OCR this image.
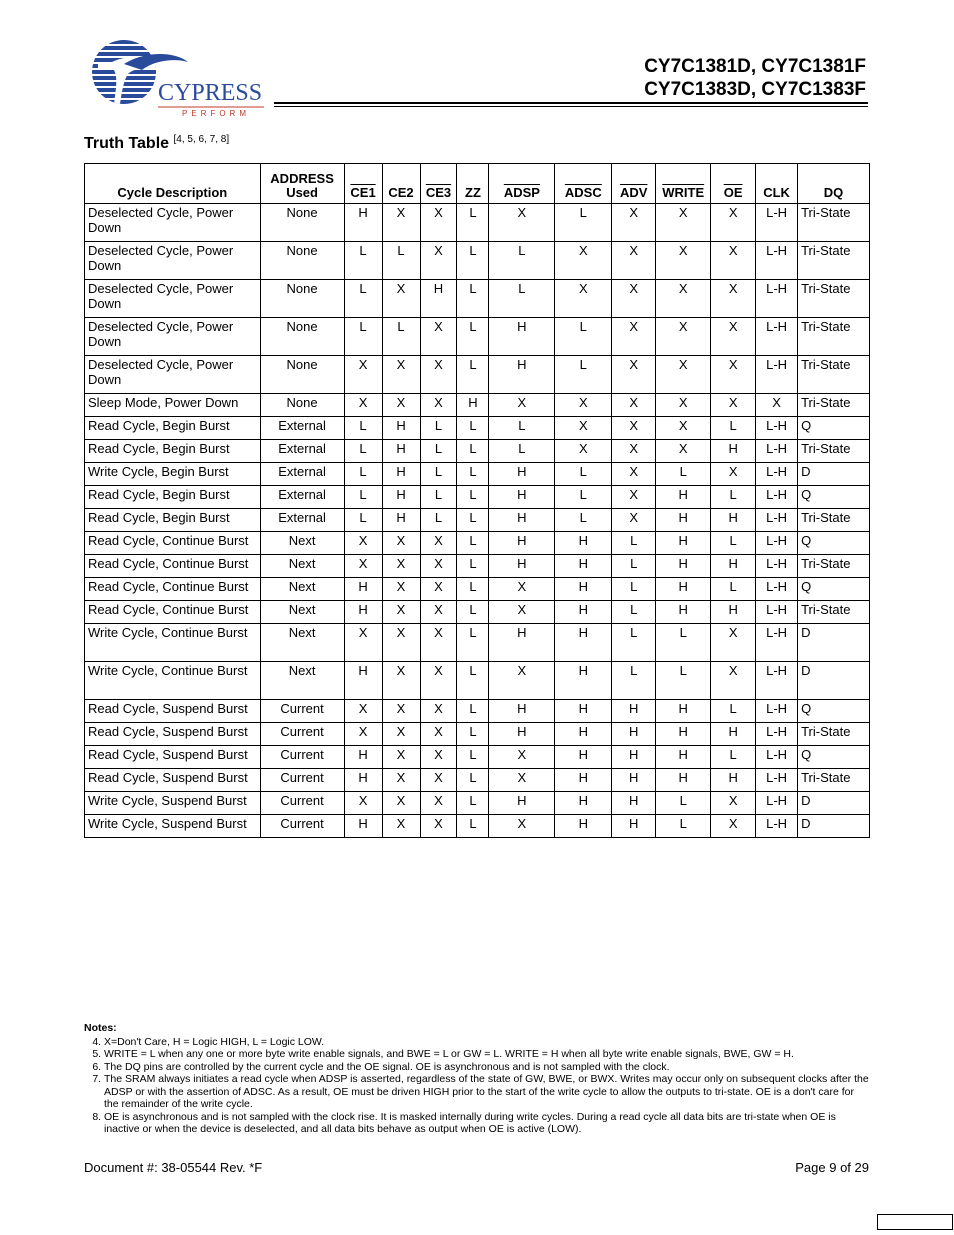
CYPRESS
PERFORM
CY7C1381D, CY7C1381F
CY7C1383D, CY7C1383F
Truth Table [4, 5, 6, 7, 8]
Cycle Description	ADDRESS Used	CE1	CE2	CE3	ZZ	ADSP	ADSC	$\overline{ADV}$	WRITE	$\overline{OE}$	CLK	DQ
Deselected Cycle, Power Down	None	H	X	X	L	X	L	X	X	X	L-H	Tri-State
Deselected Cycle, Power Down	None	L	L	X	L	L	X	X	X	X	L-H	Tri-State
Deselected Cycle, Power Down	None	L	X	H	L	L	X	X	X	X	L-H	Tri-State
Deselected Cycle, Power Down	None	L	L	X	L	H	L	X	X	X	L-H	Tri-State
Deselected Cycle, Power Down	None	X	X	X	L	H	L	X	X	X	L-H	Tri-State
Sleep Mode, Power Down	None	X	X	X	H	X	X	X	X	X	X	Tri-State
Read Cycle, Begin Burst	External	L	H	L	L	L	X	X	X	L	L-H	Q
Read Cycle, Begin Burst	External	L	H	L	L	L	X	X	X	H	L-H	Tri-State
Write Cycle, Begin Burst	External	L	H	L	L	H	L	X	L	X	L-H	D
Read Cycle, Begin Burst	External	L	H	L	L	H	L	X	H	L	L-H	Q
Read Cycle, Begin Burst	External	L	H	L	L	H	L	X	H	H	L-H	Tri-State
Read Cycle, Continue Burst	Next	X	X	X	L	H	H	L	H	L	L-H	Q
Read Cycle, Continue Burst	Next	X	X	X	L	H	H	L	H	H	L-H	Tri-State
Read Cycle, Continue Burst	Next	H	X	X	L	X	H	L	H	L	L-H	Q
Read Cycle, Continue Burst	Next	H	X	X	L	X	H	L	H	H	L-H	Tri-State
Write Cycle, Continue Burst	Next	X	X	X	L	H	H	L	L	X	L-H	D
Write Cycle, Continue Burst	Next	H	X	X	L	X	H	L	L	X	L-H	D
Read Cycle, Suspend Burst	Current	X	X	X	L	H	H	H	H	L	L-H	Q
Read Cycle, Suspend Burst	Current	X	X	X	L	H	H	H	H	H	L-H	Tri-State
Read Cycle, Suspend Burst	Current	H	X	X	L	X	H	H	H	L	L-H	Q
Read Cycle, Suspend Burst	Current	H	X	X	L	X	H	H	H	H	L-H	Tri-State
Write Cycle, Suspend Burst	Current	X	X	X	L	H	H	H	L	X	L-H	D
Write Cycle, Suspend Burst	Current	H	X	X	L	X	H	H	L	X	L-H	D
Notes:
4. X=Don't Care, H = Logic HIGH, L = Logic LOW.
5. WRITE = L when any one or more byte write enable signals, and BWE = L or GW = L. WRITE = H when all byte write enable signals, BWE, GW = H.
6. The DQ pins are controlled by the current cycle and the OE signal. OE is asynchronous and is not sampled with the clock.
7. The SRAM always initiates a read cycle when ADSP is asserted, regardless of the state of GW, BWE, or BWX. Writes may occur only on subsequent clocks after the ADSP or with the assertion of ADSC. As a result, OE must be driven HIGH prior to the start of the write cycle to allow the outputs to tri-state. OE is a don't care for the remainder of the write cycle.
8. OE is asynchronous and is not sampled with the clock rise. It is masked internally during write cycles. During a read cycle all data bits are tri-state when OE is inactive or when the device is deselected, and all data bits behave as output when OE is active (LOW).
Document #: 38-05544 Rev. *F	Page 9 of 29
